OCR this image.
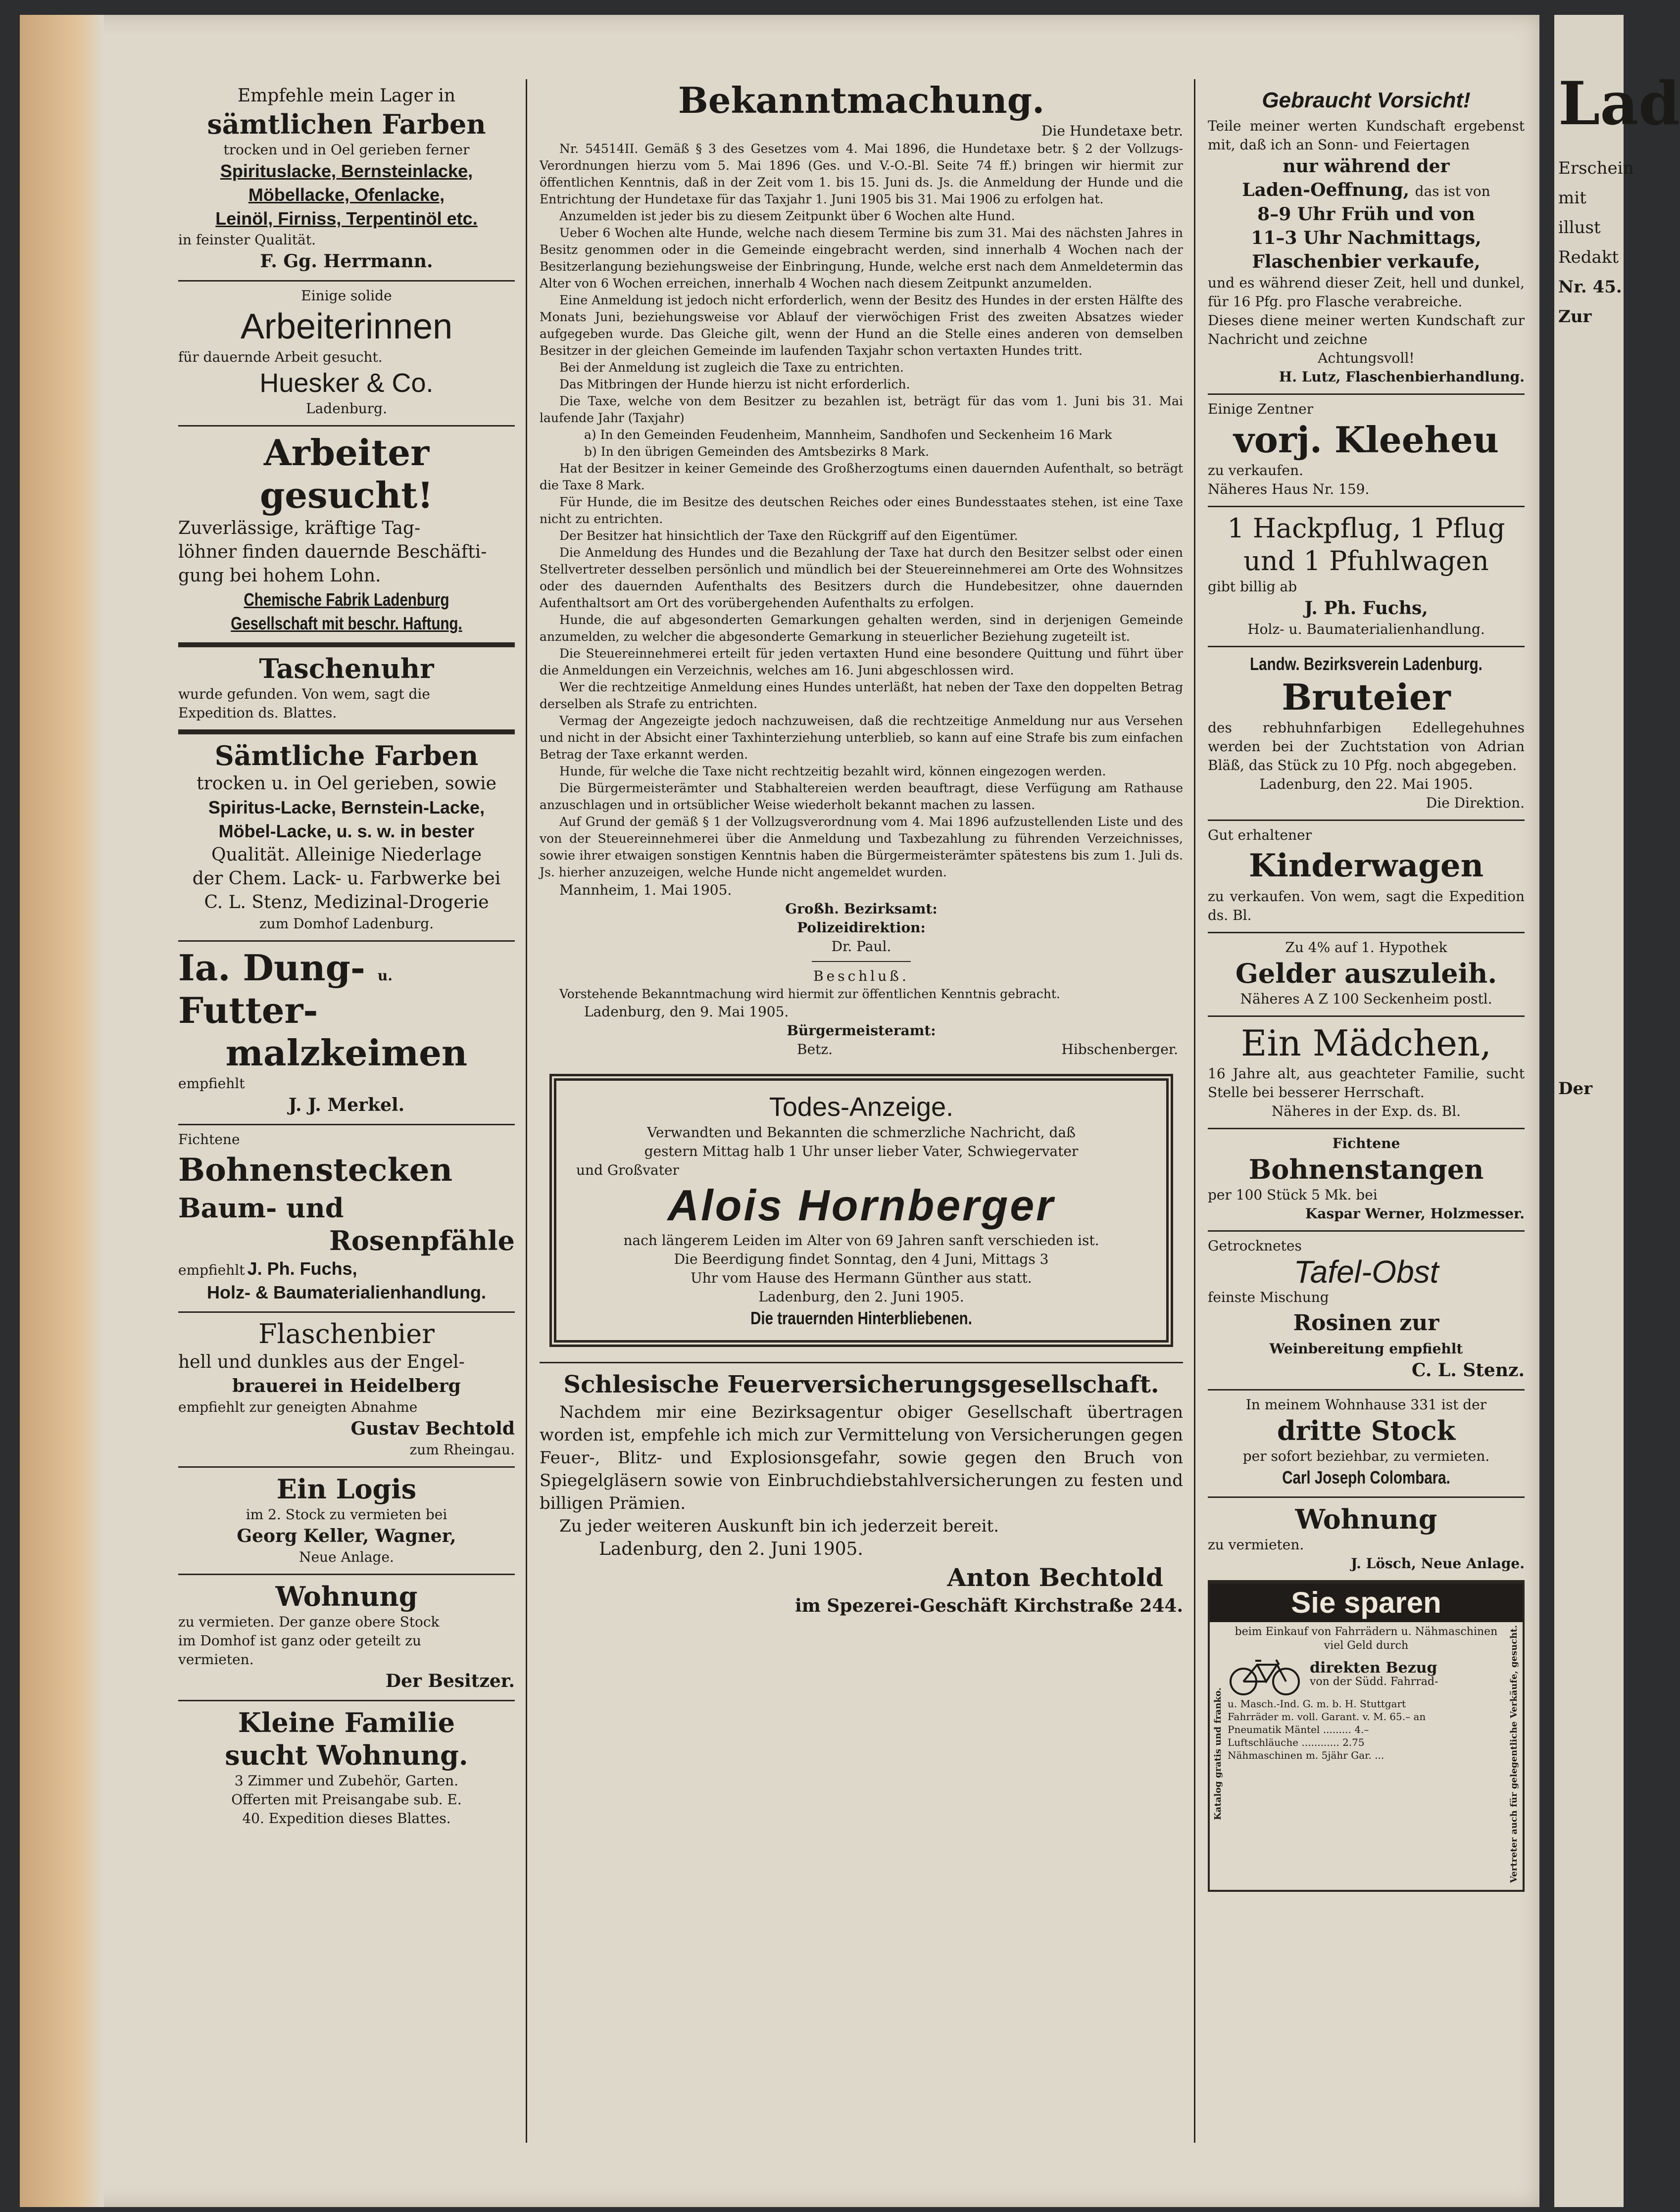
Empfehle mein Lager in
sämtlichen Farben
trocken und in Oel gerieben ferner
Spirituslacke, Bernsteinlacke,
Möbellacke, Ofenlacke,
Leinöl, Firniss, Terpentinöl etc.
in feinster Qualität.
F. Gg. Herrmann.
Einige solide
Arbeiterinnen
für dauernde Arbeit gesucht.
Huesker & Co.
Ladenburg.
Arbeiter gesucht!
Zuverlässige, kräftige Tag-
löhner finden dauernde Beschäfti-
gung bei hohem Lohn.
Chemische Fabrik Ladenburg
Gesellschaft mit beschr. Haftung.
Taschenuhr
wurde gefunden. Von wem, sagt die
Expedition ds. Blattes.
Sämtliche Farben
trocken u. in Oel gerieben, sowie
Spiritus-Lacke, Bernstein-Lacke,
Möbel-Lacke, u. s. w. in bester
Qualität. Alleinige Niederlage
der Chem. Lack- u. Farbwerke bei
C. L. Stenz, Medizinal-Drogerie
zum Domhof Ladenburg.
Ia. Dung- u. Futter-
malzkeimen
empfiehlt
J. J. Merkel.
Fichtene Bohnenstecken
Baum- und
Rosenpfähle
empfiehlt J. Ph. Fuchs,
Holz- & Baumaterialienhandlung.
Flaschenbier
hell und dunkles aus der Engel-
brauerei in Heidelberg
empfiehlt zur geneigten Abnahme
Gustav Bechtold
zum Rheingau.
Ein Logis
im 2. Stock zu vermieten bei
Georg Keller, Wagner,
Neue Anlage.
Wohnung
zu vermieten. Der ganze obere Stock
im Domhof ist ganz oder geteilt zu
vermieten.
Der Besitzer.
Kleine Familie
sucht Wohnung.
3 Zimmer und Zubehör, Garten.
Offerten mit Preisangabe sub. E.
40. Expedition dieses Blattes.
Bekanntmachung.
Die Hundetaxe betr.

Nr. 54514II. Gemäß § 3 des Gesetzes vom 4. Mai 1896, die Hundetaxe betr. § 2 der Vollzugs-Verordnungen hierzu vom 5. Mai 1896 (Ges. und V.-O.-Bl. Seite 74 ff.) bringen wir hiermit zur öffentlichen Kenntnis, daß in der Zeit vom 1. bis 15. Juni ds. Js. die Anmeldung der Hunde und die Entrichtung der Hundetaxe für das Taxjahr 1. Juni 1905 bis 31. Mai 1906 zu erfolgen hat.

Anzumelden ist jeder bis zu diesem Zeitpunkt über 6 Wochen alte Hund.

Ueber 6 Wochen alte Hunde, welche nach diesem Termine bis zum 31. Mai des nächsten Jahres in Besitz genommen oder in die Gemeinde eingebracht werden, sind innerhalb 4 Wochen nach der Besitzerlangung beziehungsweise der Einbringung, Hunde, welche erst nach dem Anmeldetermin das Alter von 6 Wochen erreichen, innerhalb 4 Wochen nach diesem Zeitpunkt anzumelden.

Eine Anmeldung ist jedoch nicht erforderlich, wenn der Besitz des Hundes in der ersten Hälfte des Monats Juni, beziehungsweise vor Ablauf der vierwöchigen Frist des zweiten Absatzes wieder aufgegeben wurde. Das Gleiche gilt, wenn der Hund an die Stelle eines anderen von demselben Besitzer in der gleichen Gemeinde im laufenden Taxjahr schon vertaxten Hundes tritt.

Bei der Anmeldung ist zugleich die Taxe zu entrichten.

Das Mitbringen der Hunde hierzu ist nicht erforderlich.

Die Taxe, welche von dem Besitzer zu bezahlen ist, beträgt für das vom 1. Juni bis 31. Mai laufende Jahr (Taxjahr)

a) In den Gemeinden Feudenheim, Mannheim, Sandhofen und Seckenheim 16 Mark

b) In den übrigen Gemeinden des Amtsbezirks 8 Mark.

Hat der Besitzer in keiner Gemeinde des Großherzogtums einen dauernden Aufenthalt, so beträgt die Taxe 8 Mark.

Für Hunde, die im Besitze des deutschen Reiches oder eines Bundesstaates stehen, ist eine Taxe nicht zu entrichten.

Der Besitzer hat hinsichtlich der Taxe den Rückgriff auf den Eigentümer.

Die Anmeldung des Hundes und die Bezahlung der Taxe hat durch den Besitzer selbst oder einen Stellvertreter desselben persönlich und mündlich bei der Steuereinnehmerei am Orte des Wohnsitzes oder des dauernden Aufenthalts des Besitzers durch die Hundebesitzer, ohne dauernden Aufenthaltsort am Ort des vorübergehenden Aufenthalts zu erfolgen.

Hunde, die auf abgesonderten Gemarkungen gehalten werden, sind in derjenigen Gemeinde anzumelden, zu welcher die abgesonderte Gemarkung in steuerlicher Beziehung zugeteilt ist.

Die Steuereinnehmerei erteilt für jeden vertaxten Hund eine besondere Quittung und führt über die Anmeldungen ein Verzeichnis, welches am 16. Juni abgeschlossen wird.

Wer die rechtzeitige Anmeldung eines Hundes unterläßt, hat neben der Taxe den doppelten Betrag derselben als Strafe zu entrichten.

Vermag der Angezeigte jedoch nachzuweisen, daß die rechtzeitige Anmeldung nur aus Versehen und nicht in der Absicht einer Taxhinterziehung unterblieb, so kann auf eine Strafe bis zum einfachen Betrag der Taxe erkannt werden.

Hunde, für welche die Taxe nicht rechtzeitig bezahlt wird, können eingezogen werden.

Die Bürgermeisterämter und Stabhaltereien werden beauftragt, diese Verfügung am Rathause anzuschlagen und in ortsüblicher Weise wiederholt bekannt machen zu lassen.

Auf Grund der gemäß § 1 der Vollzugsverordnung vom 4. Mai 1896 aufzustellenden Liste und des von der Steuereinnehmerei über die Anmeldung und Taxbezahlung zu führenden Verzeichnisses, sowie ihrer etwaigen sonstigen Kenntnis haben die Bürgermeisterämter spätestens bis zum 1. Juli ds. Js. hierher anzuzeigen, welche Hunde nicht angemeldet wurden.

Mannheim, 1. Mai 1905.
Großh. Bezirksamt:
Polizeidirektion:
Dr. Paul.
Beschluß.

Vorstehende Bekanntmachung wird hiermit zur öffentlichen Kenntnis gebracht.

Ladenburg, den 9. Mai 1905.
Bürgermeisteramt:
Betz.	Hibschenberger.
Todes-Anzeige.
Verwandten und Bekannten die schmerzliche Nachricht, daß
gestern Mittag halb 1 Uhr unser lieber Vater, Schwiegervater
und Großvater
Alois Hornberger
nach längerem Leiden im Alter von 69 Jahren sanft verschieden ist.
Die Beerdigung findet Sonntag, den 4 Juni, Mittags 3
Uhr vom Hause des Hermann Günther aus statt.
Ladenburg, den 2. Juni 1905.
Die trauernden Hinterbliebenen.
Schlesische Feuerversicherungsgesellschaft.

Nachdem mir eine Bezirksagentur obiger Gesellschaft übertragen worden ist, empfehle ich mich zur Vermittelung von Versicherungen gegen Feuer-, Blitz- und Explosionsgefahr, sowie gegen den Bruch von Spiegelgläsern sowie von Einbruchdiebstahlversicherungen zu festen und billigen Prämien.

Zu jeder weiteren Auskunft bin ich jederzeit bereit.

Ladenburg, den 2. Juni 1905.
Anton Bechtold
im Spezerei-Geschäft Kirchstraße 244.
Gebraucht Vorsicht!
Teile meiner werten Kundschaft ergebenst mit, daß ich an Sonn- und Feiertagen
nur während der
Laden-Oeffnung, das ist von
8–9 Uhr Früh und von
11–3 Uhr Nachmittags,
Flaschenbier verkaufe,
und es während dieser Zeit, hell und dunkel, für 16 Pfg. pro Flasche verabreiche.
Dieses diene meiner werten Kundschaft zur Nachricht und zeichne
Achtungsvoll!
H. Lutz, Flaschenbierhandlung.
Einige Zentner
vorj. Kleeheu
zu verkaufen.
Näheres Haus Nr. 159.
1 Hackpflug, 1 Pflug
und 1 Pfuhlwagen
gibt billig ab
J. Ph. Fuchs,
Holz- u. Baumaterialienhandlung.
Landw. Bezirksverein Ladenburg.
Bruteier
des rebhuhnfarbigen Edellegehuhnes werden bei der Zuchtstation von Adrian Bläß, das Stück zu 10 Pfg. noch abgegeben.
Ladenburg, den 22. Mai 1905.
Die Direktion.
Gut erhaltener
Kinderwagen
zu verkaufen. Von wem, sagt die Expedition ds. Bl.
Zu 4% auf 1. Hypothek
Gelder auszuleih.
Näheres A Z 100 Seckenheim postl.
Ein Mädchen,
16 Jahre alt, aus geachteter Familie, sucht Stelle bei besserer Herrschaft.
Näheres in der Exp. ds. Bl.
Fichtene
Bohnenstangen
per 100 Stück 5 Mk. bei
Kaspar Werner, Holzmesser.
Getrocknetes
Tafel-Obst
feinste Mischung
Rosinen zur
Weinbereitung empfiehlt
C. L. Stenz.
In meinem Wohnhause 331 ist der
dritte Stock
per sofort beziehbar, zu vermieten.
Carl Joseph Colombara.
Wohnung
zu vermieten.
J. Lösch, Neue Anlage.
Sie sparen
Katalog gratis und franko.
beim Einkauf von Fahrrädern u. Nähmaschinen viel Geld durch
direkten Bezug
von der Südd. Fahrrad-
u. Masch.-Ind. G. m. b. H. Stuttgart
Fahrräder m. voll. Garant. v. M. 65.– an
Pneumatik Mäntel ......... 4.–
Luftschläuche ............ 2.75
Nähmaschinen m. 5jähr Gar. ...	Vertreter auch für gelegentliche Verkäufe, gesucht.
Lad
Erschein
mit illust
Redakt
Nr. 45.
Zur
Der
